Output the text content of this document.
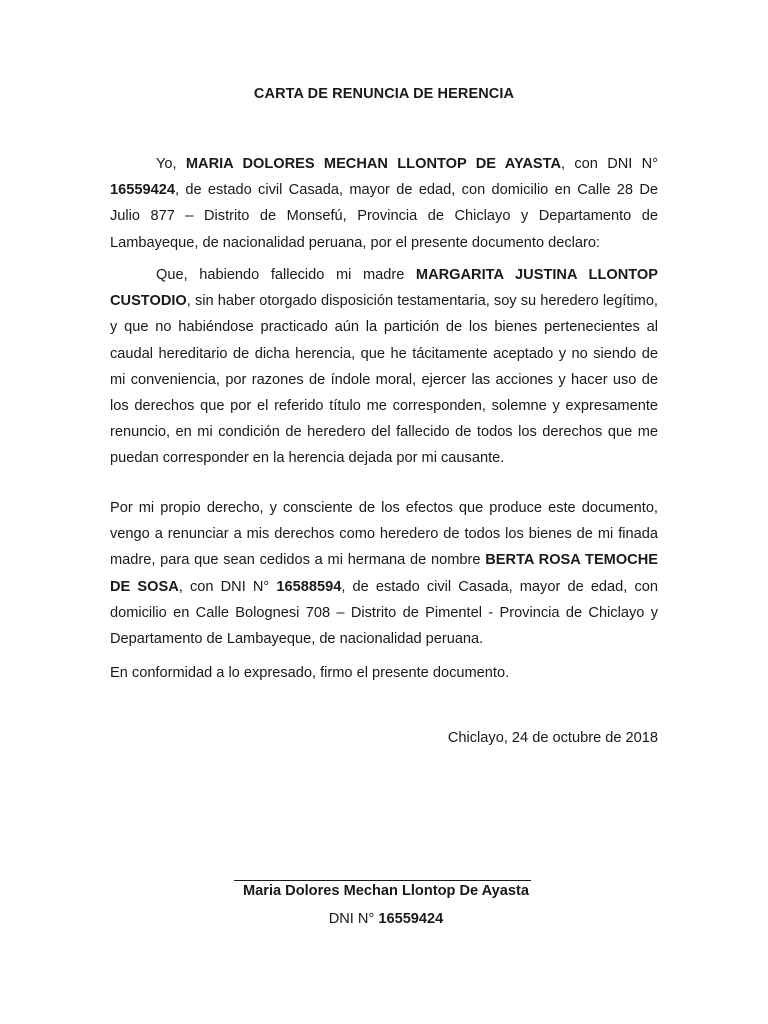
CARTA DE RENUNCIA DE HERENCIA

Yo, MARIA DOLORES MECHAN LLONTOP DE AYASTA, con DNI N° 16559424, de estado civil Casada, mayor de edad, con domicilio en Calle 28 De Julio 877 – Distrito de Monsefú, Provincia de Chiclayo y Departamento de Lambayeque, de nacionalidad peruana, por el presente documento declaro:

Que, habiendo fallecido mi madre MARGARITA JUSTINA LLONTOP CUSTODIO, sin haber otorgado disposición testamentaria, soy su heredero legítimo, y que no habiéndose practicado aún la partición de los bienes pertenecientes al caudal hereditario de dicha herencia, que he tácitamente aceptado y no siendo de mi conveniencia, por razones de índole moral, ejercer las acciones y hacer uso de los derechos que por el referido título me corresponden, solemne y expresamente renuncio, en mi condición de heredero del fallecido de todos los derechos que me puedan corresponder en la herencia dejada por mi causante.

Por mi propio derecho, y consciente de los efectos que produce este documento, vengo a renunciar a mis derechos como heredero de todos los bienes de mi finada madre, para que sean cedidos a mi hermana de nombre BERTA ROSA TEMOCHE DE SOSA, con DNI N° 16588594, de estado civil Casada, mayor de edad, con domicilio en Calle Bolognesi 708 – Distrito de Pimentel - Provincia de Chiclayo y Departamento de Lambayeque, de nacionalidad peruana.

En conformidad a lo expresado, firmo el presente documento.

Chiclayo, 24 de octubre de 2018
Maria Dolores Mechan Llontop De Ayasta
DNI N° 16559424
